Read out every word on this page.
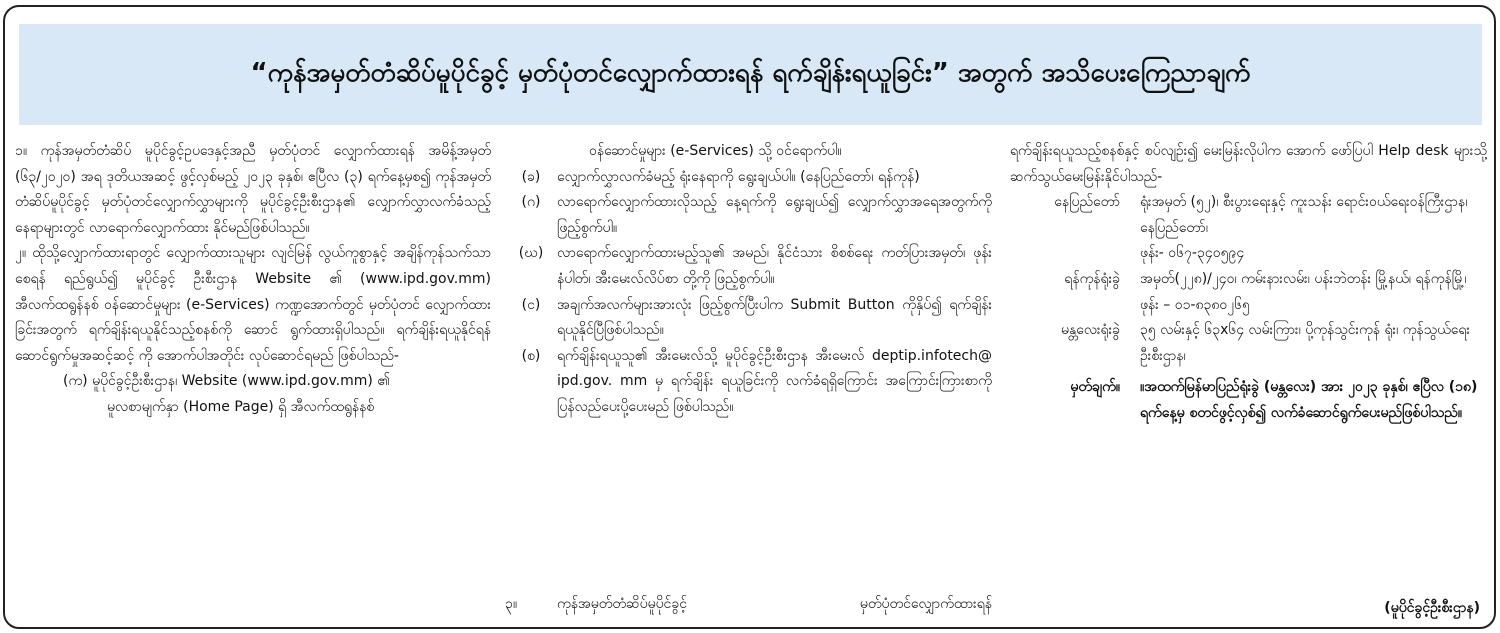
“ကုန်အမှတ်တံဆိပ်မူပိုင်ခွင့် မှတ်ပုံတင်လျှောက်ထားရန် ရက်ချိန်းရယူခြင်း” အတွက် အသိပေးကြေညာချက်

၁။ ကုန်အမှတ်တံဆိပ် မူပိုင်ခွင့်ဥပဒေနှင့်အညီ မှတ်ပုံတင် လျှောက်ထားရန် အမိန့်အမှတ် (၆၃/၂၀၂၀) အရ ဒုတိယအဆင့် ဖွင့်လှစ်မည့် ၂၀၂၃ ခုနှစ်၊ ဧပြီလ (၃) ရက်နေ့မှစ၍ ကုန်အမှတ်တံဆိပ်မူပိုင်ခွင့် မှတ်ပုံတင်လျှောက်လွှာများကို မူပိုင်ခွင့်ဦးစီးဌာန၏ လျှောက်လွှာလက်ခံသည့် နေရာများတွင် လာရောက်လျှောက်ထား နိုင်မည်ဖြစ်ပါသည်။

၂။ ထိုသို့လျှောက်ထားရာတွင် လျှောက်ထားသူများ လျင်မြန် လွယ်ကူစွာနှင့် အချိန်ကုန်သက်သာစေရန် ရည်ရွယ်၍ မူပိုင်ခွင့် ဦးစီးဌာန Website ၏ (www.ipd.gov.mm) အီလက်ထရွန်နစ် ဝန်ဆောင်မှုများ (e-Services) ကဏ္ဍအောက်တွင် မှတ်ပုံတင် လျှောက်ထားခြင်းအတွက် ရက်ချိန်းရယူနိုင်သည့်စနစ်ကို ဆောင် ရွက်ထားရှိပါသည်။ ရက်ချိန်းရယူနိုင်ရန် ဆောင်ရွက်မှုအဆင့်ဆင့် ကို အောက်ပါအတိုင်း လုပ်ဆောင်ရမည် ဖြစ်ပါသည်-

(က) မူပိုင်ခွင့်ဦးစီးဌာန၊ Website (www.ipd.gov.mm) ၏

မူလစာမျက်နှာ (Home Page) ရှိ အီလက်ထရွန်နစ်

ဝန်ဆောင်မှုများ (e-Services) သို့ ဝင်ရောက်ပါ။

(ခ)	လျှောက်လွှာလက်ခံမည့် ရုံးနေရာကို ရွေးချယ်ပါ။ (နေပြည်တော်၊ ရန်ကုန်)
(ဂ)	လာရောက်လျှောက်ထားလိုသည့် နေ့ရက်ကို ရွေးချယ်၍ လျှောက်လွှာအရေအတွက်ကို ဖြည့်စွက်ပါ။
(ဃ) လာရောက်လျှောက်ထားမည့်သူ၏ အမည်၊ နိုင်ငံသား စိစစ်ရေး ကတ်ပြားအမှတ်၊ ဖုန်းနံပါတ်၊ အီးမေးလ်လိပ်စာ တို့ကို ဖြည့်စွက်ပါ။
(င)	အချက်အလက်များအားလုံး ဖြည့်စွက်ပြီးပါက Submit Button ကိုနှိပ်၍ ရက်ချိန်း ရယူနိုင်ပြီဖြစ်ပါသည်။
(စ)	ရက်ချိန်းရယူသူ၏ အီးမေးလ်သို့ မူပိုင်ခွင့်ဦးစီးဌာန အီးမေးလ် deptip.infotech@ ipd.gov. mm မှ ရက်ချိန်း ရယူခြင်းကို လက်ခံရရှိကြောင်း အကြောင်းကြားစာကို ပြန်လည်ပေးပို့ပေးမည် ဖြစ်ပါသည်။
၃။	ကုန်အမှတ်တံဆိပ်မူပိုင်ခွင့်	မှတ်ပုံတင်လျှောက်ထားရန်

ရက်ချိန်းရယူသည့်စနစ်နှင့် စပ်လျဉ်း၍ မေးမြန်းလိုပါက အောက် ဖော်ပြပါ Help desk များသို့ ဆက်သွယ်မေးမြန်းနိုင်ပါသည်-

နေပြည်တော်	ရုံးအမှတ် (၅၂)၊ စီးပွားရေးနှင့် ကူးသန်း ရောင်းဝယ်ရေးဝန်ကြီးဌာန၊ နေပြည်တော်၊

ဖုန်း- ၀၆၇-၃၄၀၅၉၄

ရန်ကုန်ရုံးခွဲ	အမှတ်(၂၂၈)/၂၄၀၊ ကမ်းနားလမ်း၊ ပန်းဘဲတန်း မြို့နယ်၊ ရန်ကုန်မြို့၊

ဖုန်း – ၀၁-၈၃၈၀၂၆၅

မန္တလေးရုံးခွဲ	၃၅ လမ်းနှင့် ၆၃x၆၄ လမ်းကြား၊ ပို့ကုန်သွင်းကုန် ရုံး၊ ကုန်သွယ်ရေးဦးစီးဌာန၊

မှတ်ချက်။	။အထက်မြန်မာပြည်ရုံးခွဲ (မန္တလေး) အား ၂၀၂၃ ခုနှစ်၊ ဧပြီလ (၁၈) ရက်နေ့မှ စတင်ဖွင့်လှစ်၍ လက်ခံဆောင်ရွက်ပေးမည်ဖြစ်ပါသည်။
(မူပိုင်ခွင့်ဦးစီးဌာန)
